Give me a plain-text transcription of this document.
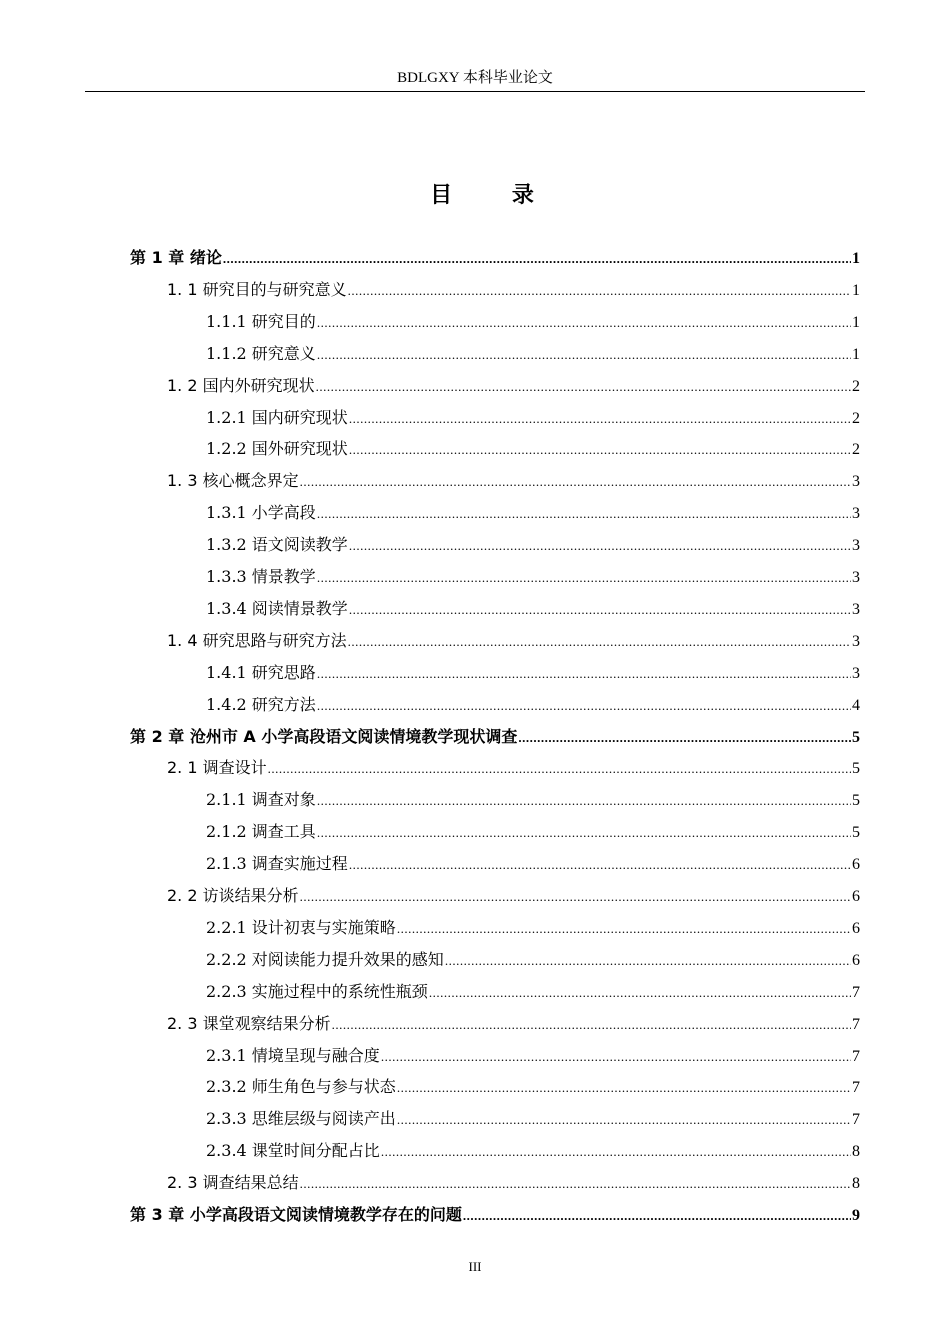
BDLGXY 本科毕业论文
目 录
第 1 章 绪论 .....	1
1. 1 研究目的与研究意义 .....	1
1.1.1 研究目的 .....	1
1.1.2 研究意义 .....	1
1. 2 国内外研究现状 .....	2
1.2.1 国内研究现状 .....	2
1.2.2 国外研究现状 .....	2
1. 3 核心概念界定 .....	3
1.3.1 小学高段 .....	3
1.3.2 语文阅读教学 .....	3
1.3.3 情景教学 .....	3
1.3.4 阅读情景教学 .....	3
1. 4 研究思路与研究方法 .....	3
1.4.1 研究思路 .....	3
1.4.2 研究方法 .....	4
第 2 章 沧州市 A 小学高段语文阅读情境教学现状调查 .....	5
2. 1 调查设计 .....	5
2.1.1 调查对象 .....	5
2.1.2 调查工具 .....	5
2.1.3 调查实施过程 .....	6
2. 2 访谈结果分析 .....	6
2.2.1 设计初衷与实施策略 .....	6
2.2.2 对阅读能力提升效果的感知 .....	6
2.2.3 实施过程中的系统性瓶颈 .....	7
2. 3 课堂观察结果分析 .....	7
2.3.1 情境呈现与融合度 .....	7
2.3.2 师生角色与参与状态 .....	7
2.3.3 思维层级与阅读产出 .....	7
2.3.4 课堂时间分配占比 .....	8
2. 3 调查结果总结 .....	8
第 3 章 小学高段语文阅读情境教学存在的问题 .....	9
III
